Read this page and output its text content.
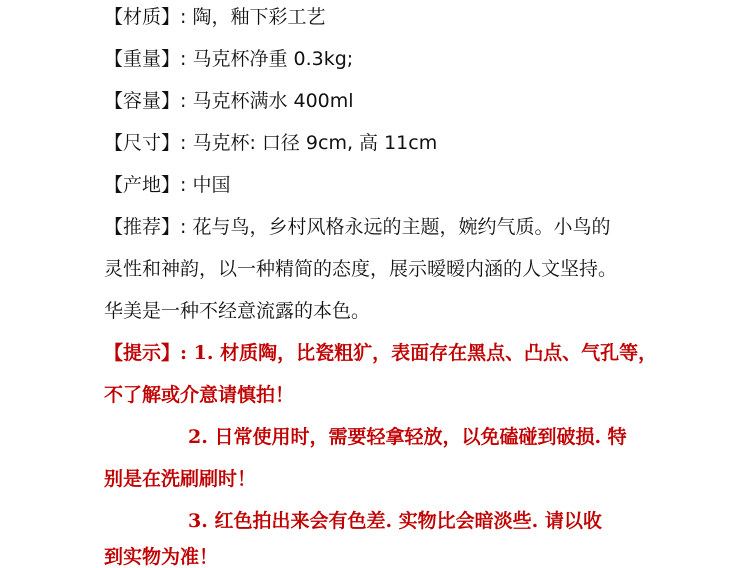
【材质】: 陶，釉下彩工艺
【重量】: 马克杯净重 0.3kg;
【容量】: 马克杯满水 400ml
【尺寸】: 马克杯: 口径 9cm, 高 11cm
【产地】: 中国
【推荐】: 花与鸟，乡村风格永远的主题，婉约气质。小鸟的
灵性和神韵，以一种精简的态度，展示暧暧内涵的人文坚持。
华美是一种不经意流露的本色。
【提示】: 1. 材质陶，比瓷粗犷，表面存在黑点、凸点、气孔等，
不了解或介意请慎拍！
2. 日常使用时，需要轻拿轻放，以免磕碰到破损. 特
别是在洗刷刷时！
3. 红色拍出来会有色差. 实物比会暗淡些. 请以收
到实物为准！
